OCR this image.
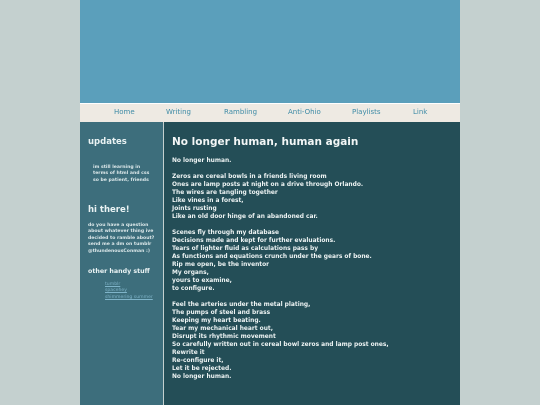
Home	Writing	Rambling	Anti-Ohio	Playlists	Link
updates
im still learning in
terms of html and css
so be patient, friends
hi there!
do you have a question
about whatever thing ive
decided to ramble about?
send me a dm on tumblr
@thundenousConman :)
other handy stuff
tumblr
spacehey
shimmering summer
No longer human, human again
No longer human.
Zeros are cereal bowls in a friends living room
Ones are lamp posts at night on a drive through Orlando.
The wires are tangling together
Like vines in a forest,
Joints rusting
Like an old door hinge of an abandoned car.
Scenes fly through my database
Decisions made and kept for further evaluations.
Tears of lighter fluid as calculations pass by
As functions and equations crunch under the gears of bone.
Rip me open, be the inventor
My organs,
yours to examine,
to configure.
Feel the arteries under the metal plating,
The pumps of steel and brass
Keeping my heart beating.
Tear my mechanical heart out,
Disrupt its rhythmic movement
So carefully written out in cereal bowl zeros and lamp post ones,
Rewrite it
Re-configure it,
Let it be rejected.
No longer human.
